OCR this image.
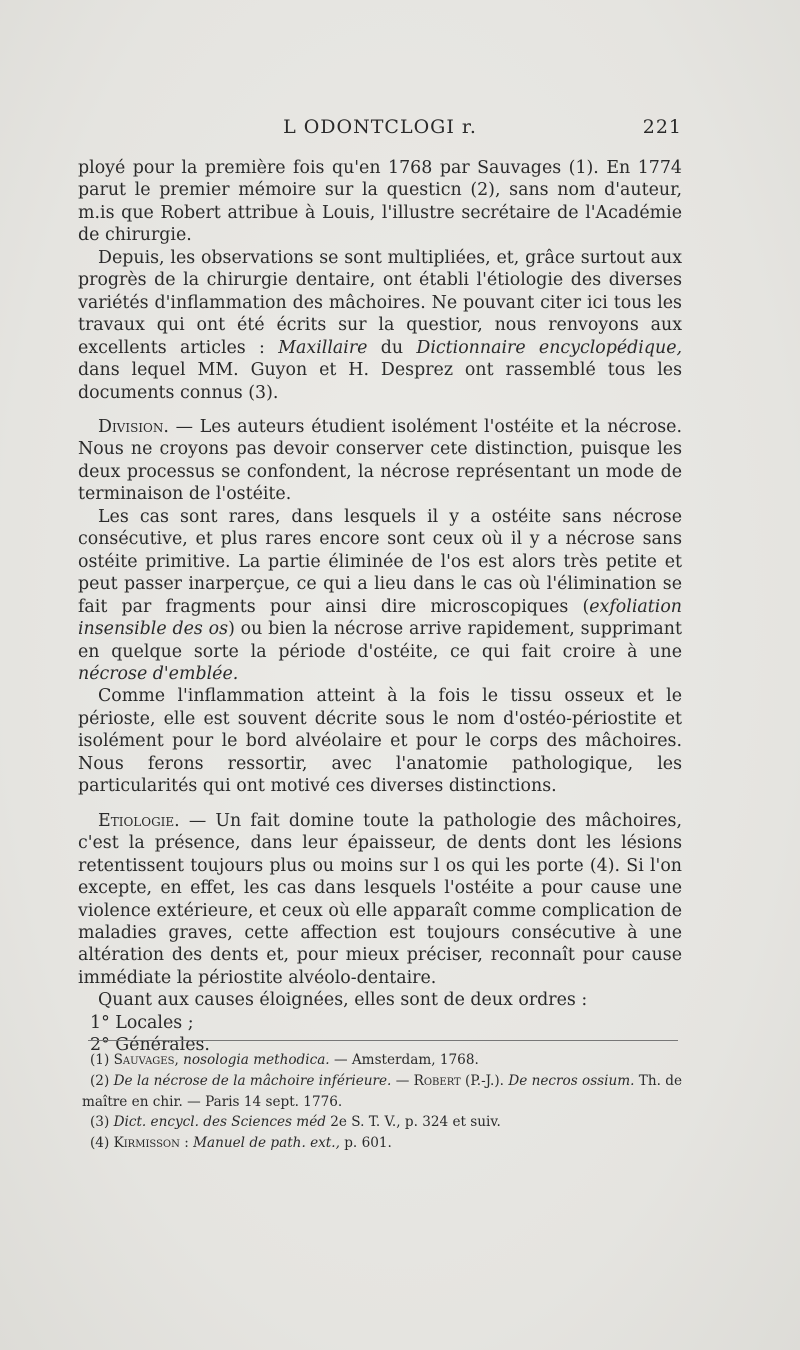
L ODONTCLOGI r.	221

ployé pour la première fois qu'en 1768 par Sauvages (1). En 1774 parut le premier mémoire sur la questicn (2), sans nom d'auteur, m.is que Robert attribue à Louis, l'illustre secrétaire de l'Académie de chirurgie.

Depuis, les observations se sont multipliées, et, grâce surtout aux progrès de la chirurgie dentaire, ont établi l'étiologie des diverses variétés d'inflammation des mâchoires. Ne pouvant citer ici tous les travaux qui ont été écrits sur la questior, nous renvoyons aux excellents articles : Maxillaire du Dictionnaire encyclopédique, dans lequel MM. Guyon et H. Desprez ont rassemblé tous les documents connus (3).

Division. — Les auteurs étudient isolément l'ostéite et la nécrose. Nous ne croyons pas devoir conserver cete distinction, puisque les deux processus se confondent, la nécrose représentant un mode de terminaison de l'ostéite.

Les cas sont rares, dans lesquels il y a ostéite sans nécrose consécutive, et plus rares encore sont ceux où il y a nécrose sans ostéite primitive. La partie éliminée de l'os est alors très petite et peut passer inarperçue, ce qui a lieu dans le cas où l'élimination se fait par fragments pour ainsi dire microscopiques (exfoliation insensible des os) ou bien la nécrose arrive rapidement, supprimant en quelque sorte la période d'ostéite, ce qui fait croire à une nécrose d'emblée.

Comme l'inflammation atteint à la fois le tissu osseux et le périoste, elle est souvent décrite sous le nom d'ostéo-périostite et isolément pour le bord alvéolaire et pour le corps des mâchoires. Nous ferons ressortir, avec l'anatomie pathologique, les particularités qui ont motivé ces diverses distinctions.

Etiologie. — Un fait domine toute la pathologie des mâchoires, c'est la présence, dans leur épaisseur, de dents dont les lésions retentissent toujours plus ou moins sur l os qui les porte (4). Si l'on excepte, en effet, les cas dans lesquels l'ostéite a pour cause une violence extérieure, et ceux où elle apparaît comme complication de maladies graves, cette affection est toujours consécutive à une altération des dents et, pour mieux préciser, reconnaît pour cause immédiate la périostite alvéolo-dentaire.

Quant aux causes éloignées, elles sont de deux ordres :

1° Locales ;

2° Générales.

(1) Sauvages, nosologia methodica. — Amsterdam, 1768.

(2) De la nécrose de la mâchoire inférieure. — Robert (P.-J.). De necros ossium. Th. de maître en chir. — Paris 14 sept. 1776.

(3) Dict. encycl. des Sciences méd 2e S. T. V., p. 324 et suiv.

(4) Kirmisson : Manuel de path. ext., p. 601.
